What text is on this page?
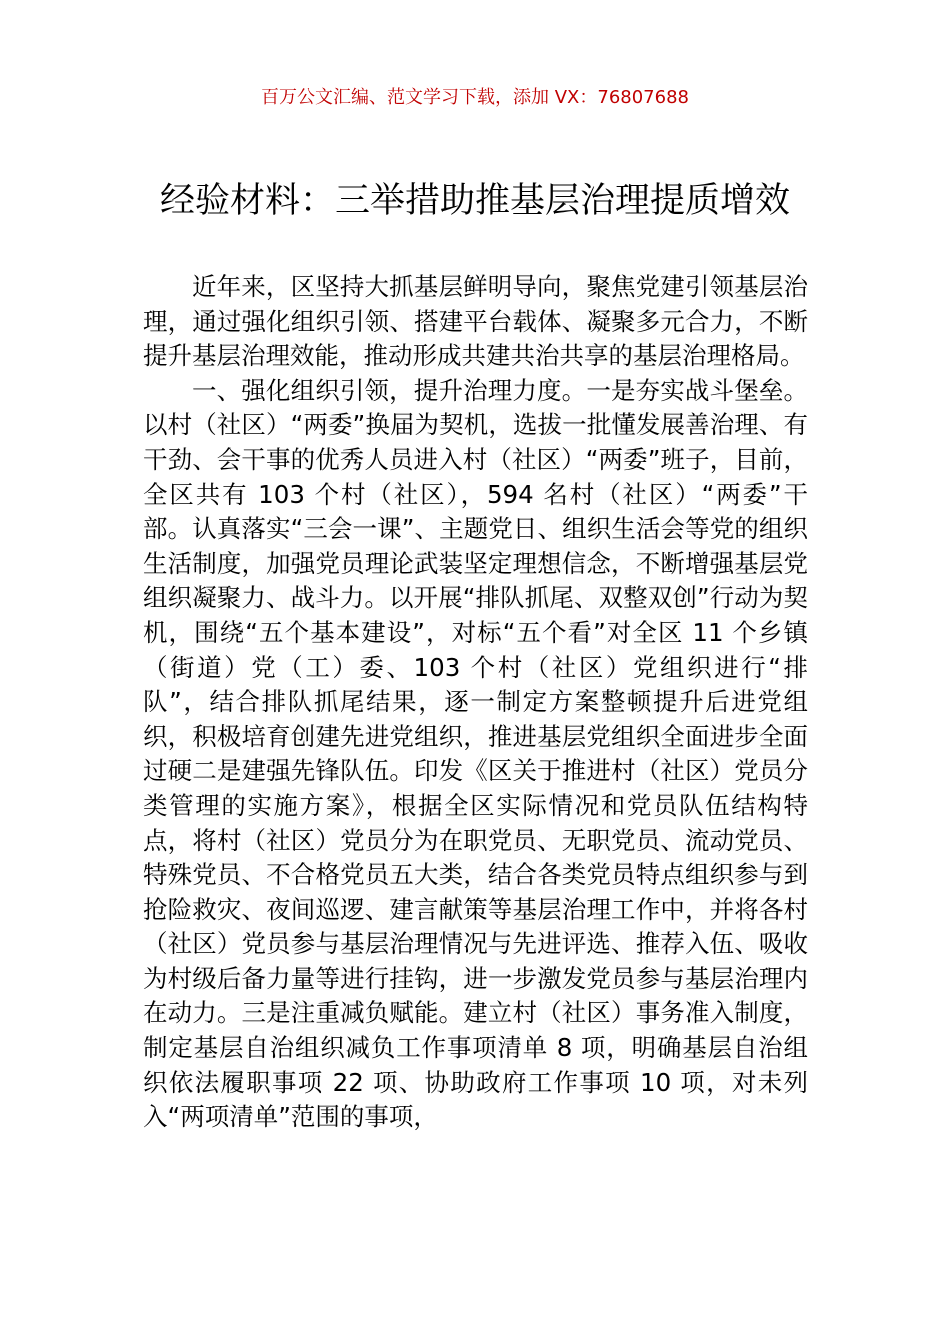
百万公文汇编、范文学习下载，添加 VX：76807688
经验材料：三举措助推基层治理提质增效

近年来，区坚持大抓基层鲜明导向，聚焦党建引领基层治理，通过强化组织引领、搭建平台载体、凝聚多元合力，不断提升基层治理效能，推动形成共建共治共享的基层治理格局。

一、强化组织引领，提升治理力度。一是夯实战斗堡垒。以村（社区）“两委”换届为契机，选拔一批懂发展善治理、有干劲、会干事的优秀人员进入村（社区）“两委”班子，目前，全区共有 103 个村（社区），594 名村（社区）“两委”干部。认真落实“三会一课”、主题党日、组织生活会等党的组织生活制度，加强党员理论武装坚定理想信念，不断增强基层党组织凝聚力、战斗力。以开展“排队抓尾、双整双创”行动为契机，围绕“五个基本建设”，对标“五个看”对全区 11 个乡镇（街道）党（工）委、103 个村（社区）党组织进行“排队”，结合排队抓尾结果，逐一制定方案整顿提升后进党组织，积极培育创建先进党组织，推进基层党组织全面进步全面过硬二是建强先锋队伍。印发《区关于推进村（社区）党员分类管理的实施方案》，根据全区实际情况和党员队伍结构特点，将村（社区）党员分为在职党员、无职党员、流动党员、特殊党员、不合格党员五大类，结合各类党员特点组织参与到抢险救灾、夜间巡逻、建言献策等基层治理工作中，并将各村（社区）党员参与基层治理情况与先进评选、推荐入伍、吸收为村级后备力量等进行挂钩，进一步激发党员参与基层治理内在动力。三是注重减负赋能。建立村（社区）事务准入制度，制定基层自治组织减负工作事项清单 8 项，明确基层自治组织依法履职事项 22 项、协助政府工作事项 10 项，对未列入“两项清单”范围的事项，
